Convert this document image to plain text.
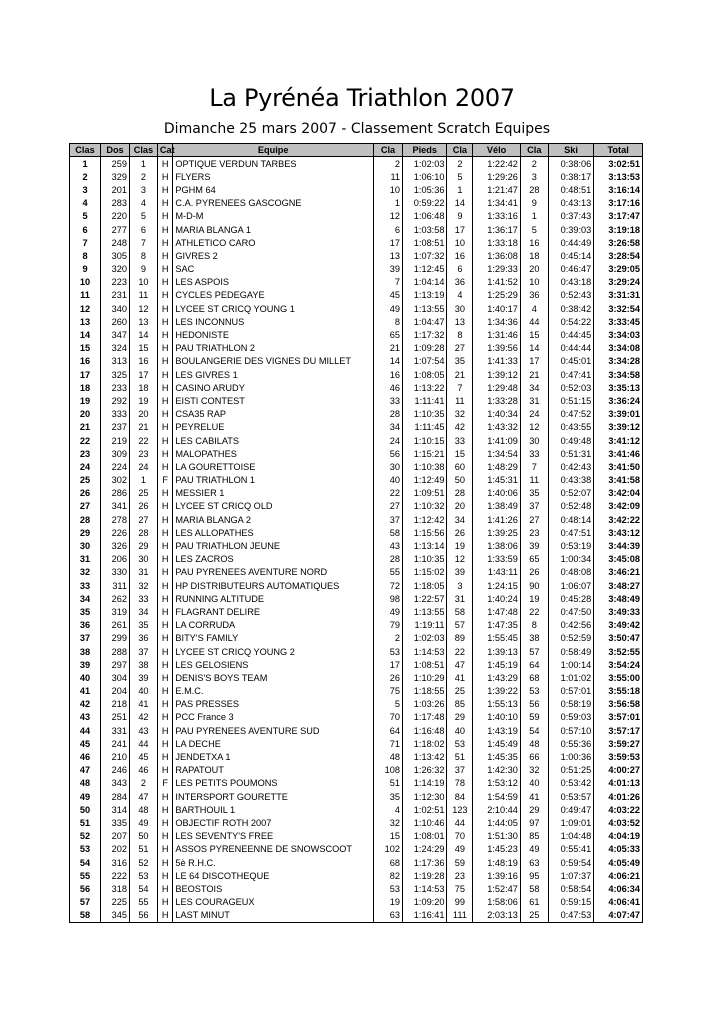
La Pyrénéa Triathlon 2007
Dimanche 25 mars 2007 - Classement Scratch Equipes
Clas	Dos	Clas	Cat	Equipe	Cla	Pieds	Cla	Vélo	Cla	Ski	Total
1	259	1	H	OPTIQUE VERDUN TARBES	2	1:02:03	2	1:22:42	2	0:38:06	3:02:51
2	329	2	H	FLYERS	11	1:06:10	5	1:29:26	3	0:38:17	3:13:53
3	201	3	H	PGHM 64	10	1:05:36	1	1:21:47	28	0:48:51	3:16:14
4	283	4	H	C.A. PYRENEES GASCOGNE	1	0:59:22	14	1:34:41	9	0:43:13	3:17:16
5	220	5	H	M-D-M	12	1:06:48	9	1:33:16	1	0:37:43	3:17:47
6	277	6	H	MARIA BLANGA 1	6	1:03:58	17	1:36:17	5	0:39:03	3:19:18
7	248	7	H	ATHLETICO CARO	17	1:08:51	10	1:33:18	16	0:44:49	3:26:58
8	305	8	H	GIVRES 2	13	1:07:32	16	1:36:08	18	0:45:14	3:28:54
9	320	9	H	SAC	39	1:12:45	6	1:29:33	20	0:46:47	3:29:05
10	223	10	H	LES ASPOIS	7	1:04:14	36	1:41:52	10	0:43:18	3:29:24
11	231	11	H	CYCLES PEDEGAYE	45	1:13:19	4	1:25:29	36	0:52:43	3:31:31
12	340	12	H	LYCEE ST CRICQ YOUNG 1	49	1:13:55	30	1:40:17	4	0:38:42	3:32:54
13	260	13	H	LES INCONNUS	8	1:04:47	13	1:34:36	44	0:54:22	3:33:45
14	347	14	H	HEDONISTE	65	1:17:32	8	1:31:46	15	0:44:45	3:34:03
15	324	15	H	PAU TRIATHLON 2	21	1:09:28	27	1:39:56	14	0:44:44	3:34:08
16	313	16	H	BOULANGERIE DES VIGNES DU MILLET	14	1:07:54	35	1:41:33	17	0:45:01	3:34:28
17	325	17	H	LES GIVRES 1	16	1:08:05	21	1:39:12	21	0:47:41	3:34:58
18	233	18	H	CASINO ARUDY	46	1:13:22	7	1:29:48	34	0:52:03	3:35:13
19	292	19	H	EISTI CONTEST	33	1:11:41	11	1:33:28	31	0:51:15	3:36:24
20	333	20	H	CSA35 RAP	28	1:10:35	32	1:40:34	24	0:47:52	3:39:01
21	237	21	H	PEYRELUE	34	1:11:45	42	1:43:32	12	0:43:55	3:39:12
22	219	22	H	LES CABILATS	24	1:10:15	33	1:41:09	30	0:49:48	3:41:12
23	309	23	H	MALOPATHES	56	1:15:21	15	1:34:54	33	0:51:31	3:41:46
24	224	24	H	LA GOURETTOISE	30	1:10:38	60	1:48:29	7	0:42:43	3:41:50
25	302	1	F	PAU TRIATHLON 1	40	1:12:49	50	1:45:31	11	0:43:38	3:41:58
26	286	25	H	MESSIER 1	22	1:09:51	28	1:40:06	35	0:52:07	3:42:04
27	341	26	H	LYCEE ST CRICQ OLD	27	1:10:32	20	1:38:49	37	0:52:48	3:42:09
28	278	27	H	MARIA BLANGA 2	37	1:12:42	34	1:41:26	27	0:48:14	3:42:22
29	226	28	H	LES ALLOPATHES	58	1:15:56	26	1:39:25	23	0:47:51	3:43:12
30	326	29	H	PAU TRIATHLON JEUNE	43	1:13:14	19	1:38:06	39	0:53:19	3:44:39
31	206	30	H	LES ZACROS	28	1:10:35	12	1:33:59	65	1:00:34	3:45:08
32	330	31	H	PAU PYRENEES AVENTURE NORD	55	1:15:02	39	1:43:11	26	0:48:08	3:46:21
33	311	32	H	HP DISTRIBUTEURS AUTOMATIQUES	72	1:18:05	3	1:24:15	90	1:06:07	3:48:27
34	262	33	H	RUNNING ALTITUDE	98	1:22:57	31	1:40:24	19	0:45:28	3:48:49
35	319	34	H	FLAGRANT DELIRE	49	1:13:55	58	1:47:48	22	0:47:50	3:49:33
36	261	35	H	LA CORRUDA	79	1:19:11	57	1:47:35	8	0:42:56	3:49:42
37	299	36	H	BITY'S FAMILY	2	1:02:03	89	1:55:45	38	0:52:59	3:50:47
38	288	37	H	LYCEE ST CRICQ YOUNG 2	53	1:14:53	22	1:39:13	57	0:58:49	3:52:55
39	297	38	H	LES GELOSIENS	17	1:08:51	47	1:45:19	64	1:00:14	3:54:24
40	304	39	H	DENIS'S BOYS TEAM	26	1:10:29	41	1:43:29	68	1:01:02	3:55:00
41	204	40	H	E.M.C.	75	1:18:55	25	1:39:22	53	0:57:01	3:55:18
42	218	41	H	PAS PRESSES	5	1:03:26	85	1:55:13	56	0:58:19	3:56:58
43	251	42	H	PCC France 3	70	1:17:48	29	1:40:10	59	0:59:03	3:57:01
44	331	43	H	PAU PYRENEES AVENTURE SUD	64	1:16:48	40	1:43:19	54	0:57:10	3:57:17
45	241	44	H	LA DECHE	71	1:18:02	53	1:45:49	48	0:55:36	3:59:27
46	210	45	H	JENDETXA 1	48	1:13:42	51	1:45:35	66	1:00:36	3:59:53
47	246	46	H	RAPATOUT	108	1:26:32	37	1:42:30	32	0:51:25	4:00:27
48	343	2	F	LES PETITS POUMONS	51	1:14:19	78	1:53:12	40	0:53:42	4:01:13
49	284	47	H	INTERSPORT GOURETTE	35	1:12:30	84	1:54:59	41	0:53:57	4:01:26
50	314	48	H	BARTHOUIL 1	4	1:02:51	123	2:10:44	29	0:49:47	4:03:22
51	335	49	H	OBJECTIF ROTH 2007	32	1:10:46	44	1:44:05	97	1:09:01	4:03:52
52	207	50	H	LES SEVENTY'S FREE	15	1:08:01	70	1:51:30	85	1:04:48	4:04:19
53	202	51	H	ASSOS PYRENEENNE DE SNOWSCOOT	102	1:24:29	49	1:45:23	49	0:55:41	4:05:33
54	316	52	H	5è R.H.C.	68	1:17:36	59	1:48:19	63	0:59:54	4:05:49
55	222	53	H	LE 64 DISCOTHEQUE	82	1:19:28	23	1:39:16	95	1:07:37	4:06:21
56	318	54	H	BEOSTOIS	53	1:14:53	75	1:52:47	58	0:58:54	4:06:34
57	225	55	H	LES COURAGEUX	19	1:09:20	99	1:58:06	61	0:59:15	4:06:41
58	345	56	H	LAST MINUT	63	1:16:41	111	2:03:13	25	0:47:53	4:07:47
